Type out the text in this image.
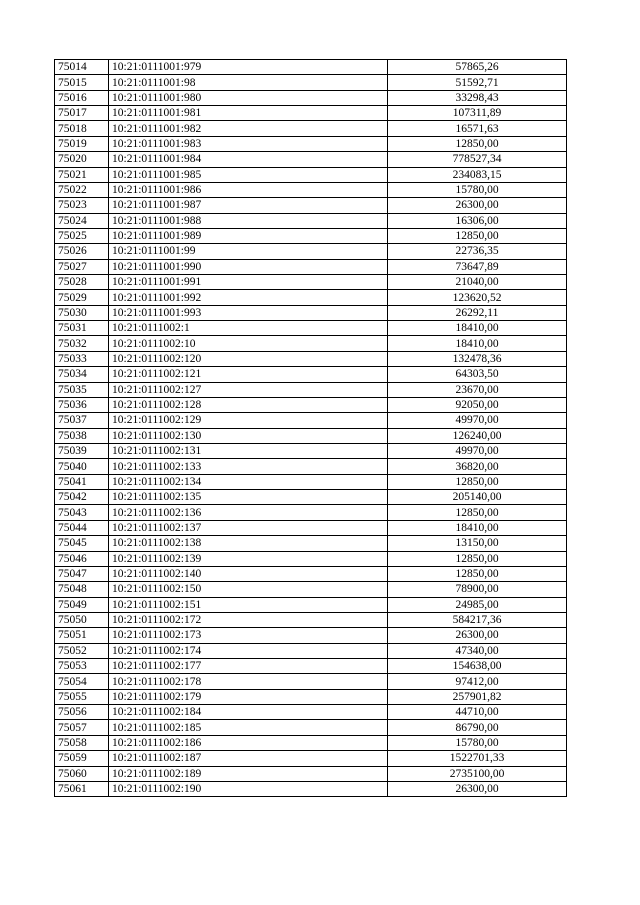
75014	10:21:0111001:979	57865,26
75015	10:21:0111001:98	51592,71
75016	10:21:0111001:980	33298,43
75017	10:21:0111001:981	107311,89
75018	10:21:0111001:982	16571,63
75019	10:21:0111001:983	12850,00
75020	10:21:0111001:984	778527,34
75021	10:21:0111001:985	234083,15
75022	10:21:0111001:986	15780,00
75023	10:21:0111001:987	26300,00
75024	10:21:0111001:988	16306,00
75025	10:21:0111001:989	12850,00
75026	10:21:0111001:99	22736,35
75027	10:21:0111001:990	73647,89
75028	10:21:0111001:991	21040,00
75029	10:21:0111001:992	123620,52
75030	10:21:0111001:993	26292,11
75031	10:21:0111002:1	18410,00
75032	10:21:0111002:10	18410,00
75033	10:21:0111002:120	132478,36
75034	10:21:0111002:121	64303,50
75035	10:21:0111002:127	23670,00
75036	10:21:0111002:128	92050,00
75037	10:21:0111002:129	49970,00
75038	10:21:0111002:130	126240,00
75039	10:21:0111002:131	49970,00
75040	10:21:0111002:133	36820,00
75041	10:21:0111002:134	12850,00
75042	10:21:0111002:135	205140,00
75043	10:21:0111002:136	12850,00
75044	10:21:0111002:137	18410,00
75045	10:21:0111002:138	13150,00
75046	10:21:0111002:139	12850,00
75047	10:21:0111002:140	12850,00
75048	10:21:0111002:150	78900,00
75049	10:21:0111002:151	24985,00
75050	10:21:0111002:172	584217,36
75051	10:21:0111002:173	26300,00
75052	10:21:0111002:174	47340,00
75053	10:21:0111002:177	154638,00
75054	10:21:0111002:178	97412,00
75055	10:21:0111002:179	257901,82
75056	10:21:0111002:184	44710,00
75057	10:21:0111002:185	86790,00
75058	10:21:0111002:186	15780,00
75059	10:21:0111002:187	1522701,33
75060	10:21:0111002:189	2735100,00
75061	10:21:0111002:190	26300,00
